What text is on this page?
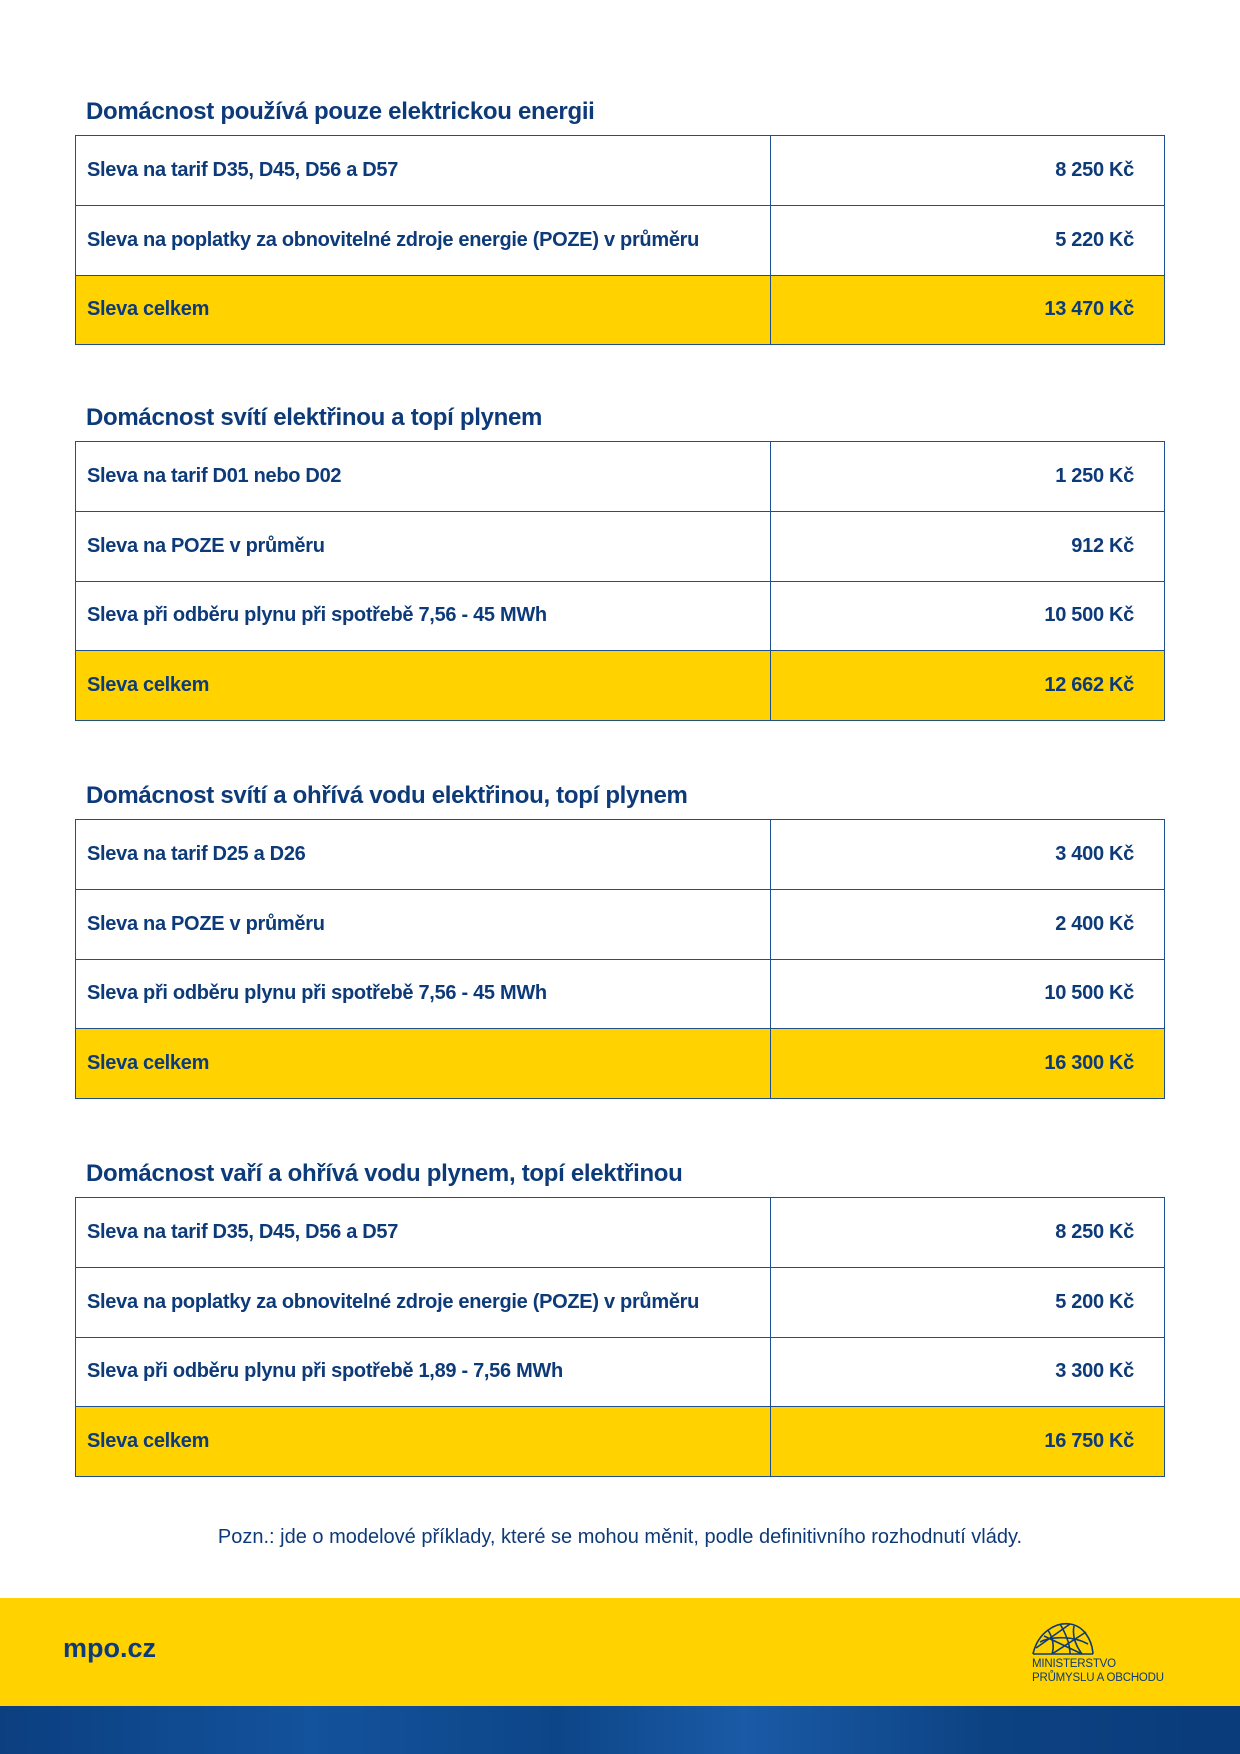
Domácnost používá pouze elektrickou energii
Sleva na tarif D35, D45, D56 a D57	8 250 Kč
Sleva na poplatky za obnovitelné zdroje energie (POZE) v průměru	5 220 Kč
Sleva celkem	13 470 Kč
Domácnost svítí elektřinou a topí plynem
Sleva na tarif D01 nebo D02	1 250 Kč
Sleva na POZE v průměru	912 Kč
Sleva při odběru plynu při spotřebě 7,56 - 45 MWh	10 500 Kč
Sleva celkem	12 662 Kč
Domácnost svítí a ohřívá vodu elektřinou, topí plynem
Sleva na tarif D25 a D26	3 400 Kč
Sleva na POZE v průměru	2 400 Kč
Sleva při odběru plynu při spotřebě 7,56 - 45 MWh	10 500 Kč
Sleva celkem	16 300 Kč
Domácnost vaří a ohřívá vodu plynem, topí elektřinou
Sleva na tarif D35, D45, D56 a D57	8 250 Kč
Sleva na poplatky za obnovitelné zdroje energie (POZE) v průměru	5 200 Kč
Sleva při odběru plynu při spotřebě 1,89 - 7,56 MWh	3 300 Kč
Sleva celkem	16 750 Kč
Pozn.: jde o modelové příklady, které se mohou měnit, podle definitivního rozhodnutí vlády.
mpo.cz
MINISTERSTVO
PRŮMYSLU A OBCHODU
